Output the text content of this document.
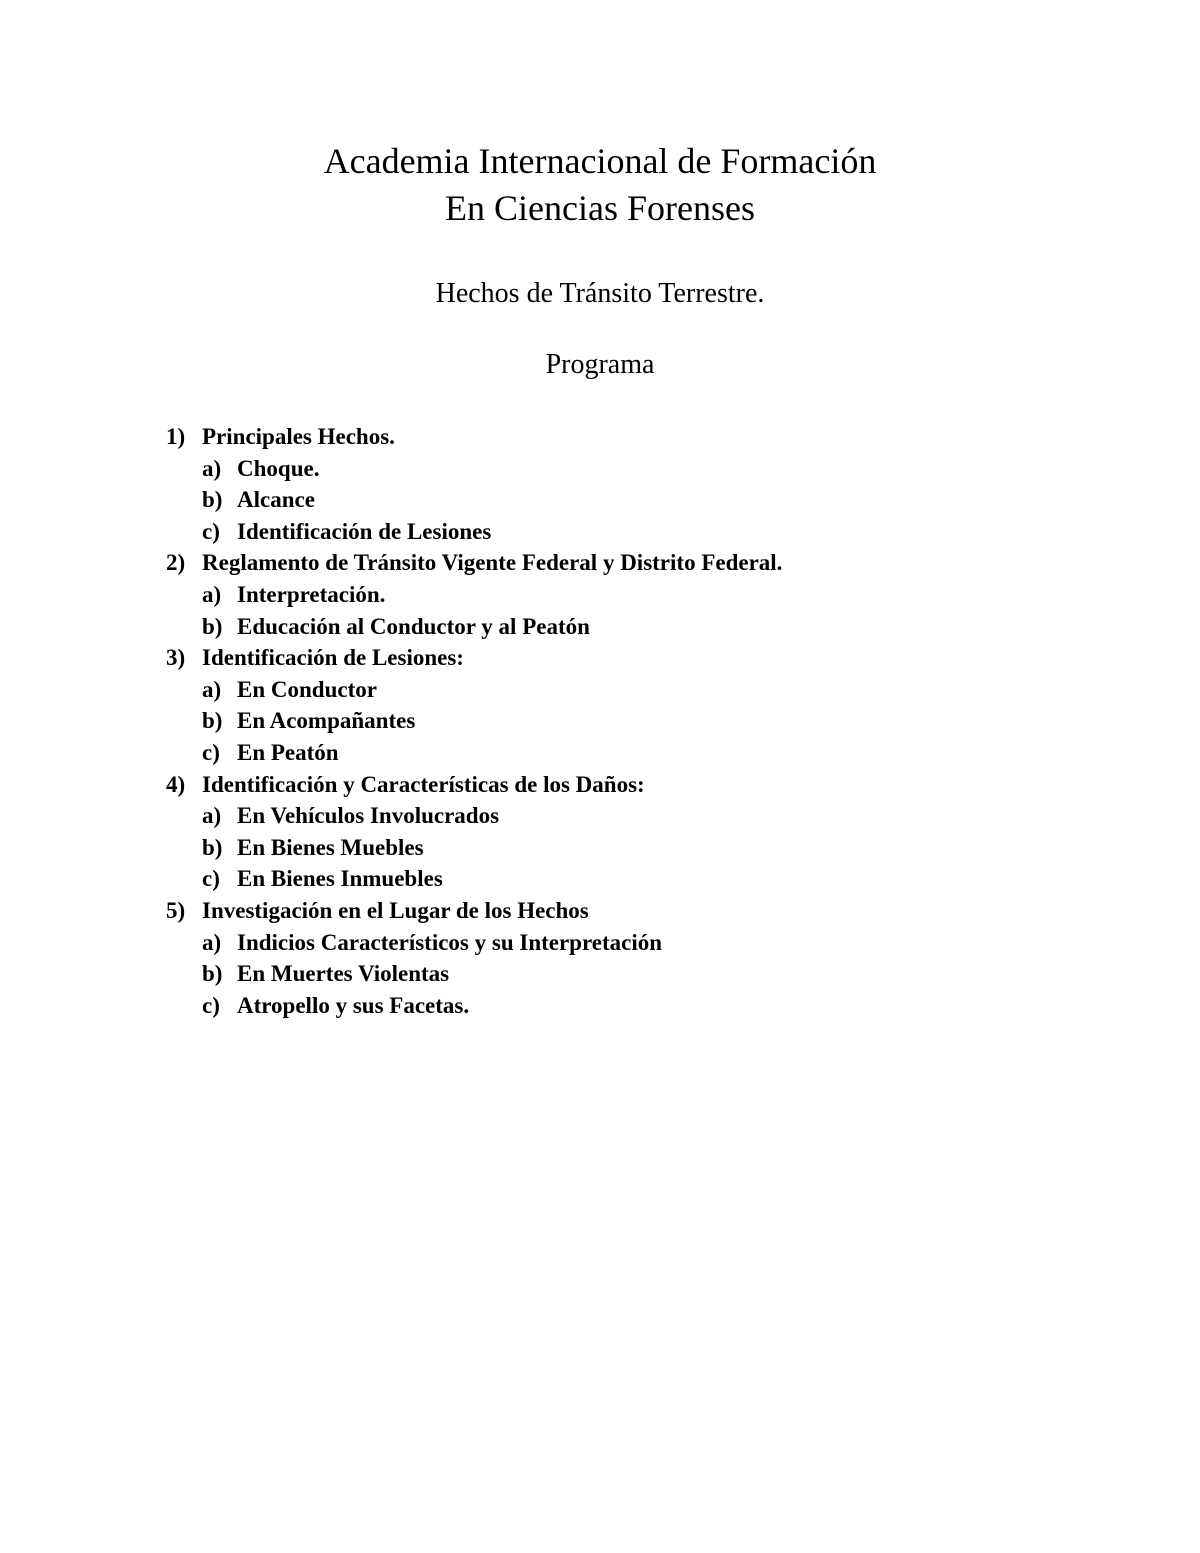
Academia Internacional de Formación
En Ciencias Forenses
Hechos de Tránsito Terrestre.
Programa
1) Principales Hechos.
a) Choque.
b) Alcance
c) Identificación de Lesiones
2) Reglamento de Tránsito Vigente Federal y Distrito Federal.
a) Interpretación.
b) Educación al Conductor y al Peatón
3) Identificación de Lesiones:
a) En Conductor
b) En Acompañantes
c) En Peatón
4) Identificación y Características de los Daños:
a) En Vehículos Involucrados
b) En Bienes Muebles
c) En Bienes Inmuebles
5) Investigación en el Lugar de los Hechos
a) Indicios Característicos y su Interpretación
b) En Muertes Violentas
c) Atropello y sus Facetas.
